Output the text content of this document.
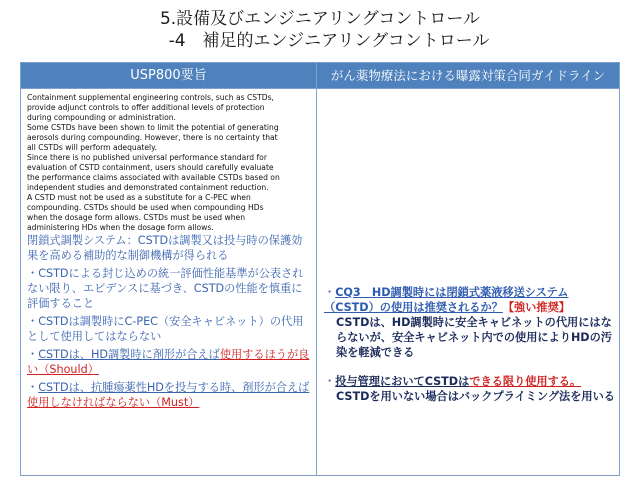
5.設備及びエンジニアリングコントロール
-4　補足的エンジニアリングコントロール
USP800要旨	がん薬物療法における曝露対策合同ガイドライン
Containment supplemental engineering controls, such as CSTDs,
provide adjunct controls to offer additional levels of protection
during compounding or administration.
Some CSTDs have been shown to limit the potential of generating
aerosols during compounding. However, there is no certainty that
all CSTDs will perform adequately.
Since there is no published universal performance standard for
evaluation of CSTD containment, users should carefully evaluate
the performance claims associated with available CSTDs based on
independent studies and demonstrated containment reduction.
A CSTD must not be used as a substitute for a C-PEC when
compounding. CSTDs should be used when compounding HDs
when the dosage form allows. CSTDs must be used when
administering HDs when the dosage form allows.
閉鎖式調製システム：CSTDは調製又は投与時の保護効果を高める補助的な制御機構が得られる
・CSTDによる封じ込めの統一評価性能基準が公表されない限り、エビデンスに基づき、CSTDの性能を慎重に評価すること
・CSTDは調製時にC-PEC（安全キャビネット）の代用として使用してはならない
・CSTDは、HD調製時に剤形が合えば使用するほうが良い（Should）
・CSTDは、抗腫瘍薬性HDを投与する時、剤形が合えば使用しなければならない（Must）
・CQ3　HD調製時には閉鎖式薬液移送システム（CSTD）の使用は推奨されるか？【強い推奨】
CSTDは、HD調製時に安全キャビネットの代用にはならないが、安全キャビネット内での使用によりHDの汚染を軽減できる
・投与管理においてCSTDはできる限り使用する。
CSTDを用いない場合はバックプライミング法を用いる
